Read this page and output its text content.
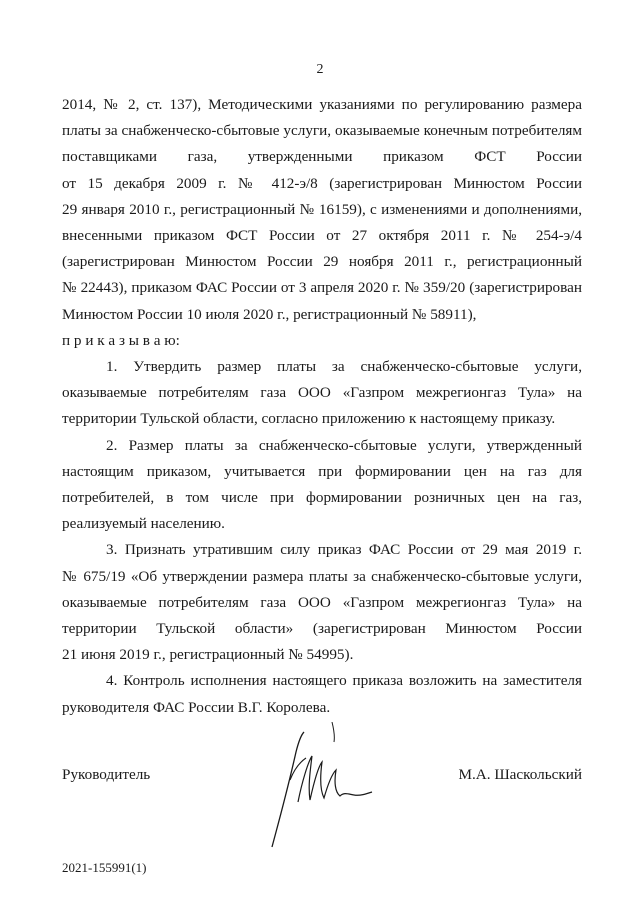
2

2014, № 2, ст. 137), Методическими указаниями по регулированию размера

платы за снабженческо-сбытовые услуги, оказываемые конечным потребителям

поставщиками газа, утвержденными приказом ФСТ России

от 15 декабря 2009 г. № 412-э/8 (зарегистрирован Минюстом России

29 января 2010 г., регистрационный № 16159), с изменениями и дополнениями,

внесенными приказом ФСТ России от 27 октября 2011 г. № 254-э/4

(зарегистрирован Минюстом России 29 ноября 2011 г., регистрационный

№ 22443), приказом ФАС России от 3 апреля 2020 г. № 359/20 (зарегистрирован

Минюстом России 10 июля 2020 г., регистрационный № 58911),

п р и к а з ы в а ю:

1. Утвердить размер платы за снабженческо-сбытовые услуги,

оказываемые потребителям газа ООО «Газпром межрегионгаз Тула» на

территории Тульской области, согласно приложению к настоящему приказу.

2. Размер платы за снабженческо-сбытовые услуги, утвержденный

настоящим приказом, учитывается при формировании цен на газ для

потребителей, в том числе при формировании розничных цен на газ,

реализуемый населению.

3. Признать утратившим силу приказ ФАС России от 29 мая 2019 г.

№ 675/19 «Об утверждении размера платы за снабженческо-сбытовые услуги,

оказываемые потребителям газа ООО «Газпром межрегионгаз Тула» на

территории Тульской области» (зарегистрирован Минюстом России

21 июня 2019 г., регистрационный № 54995).

4. Контроль исполнения настоящего приказа возложить на заместителя

руководителя ФАС России В.Г. Королева.

Руководитель	М.А. Шаскольский
2021-155991(1)
